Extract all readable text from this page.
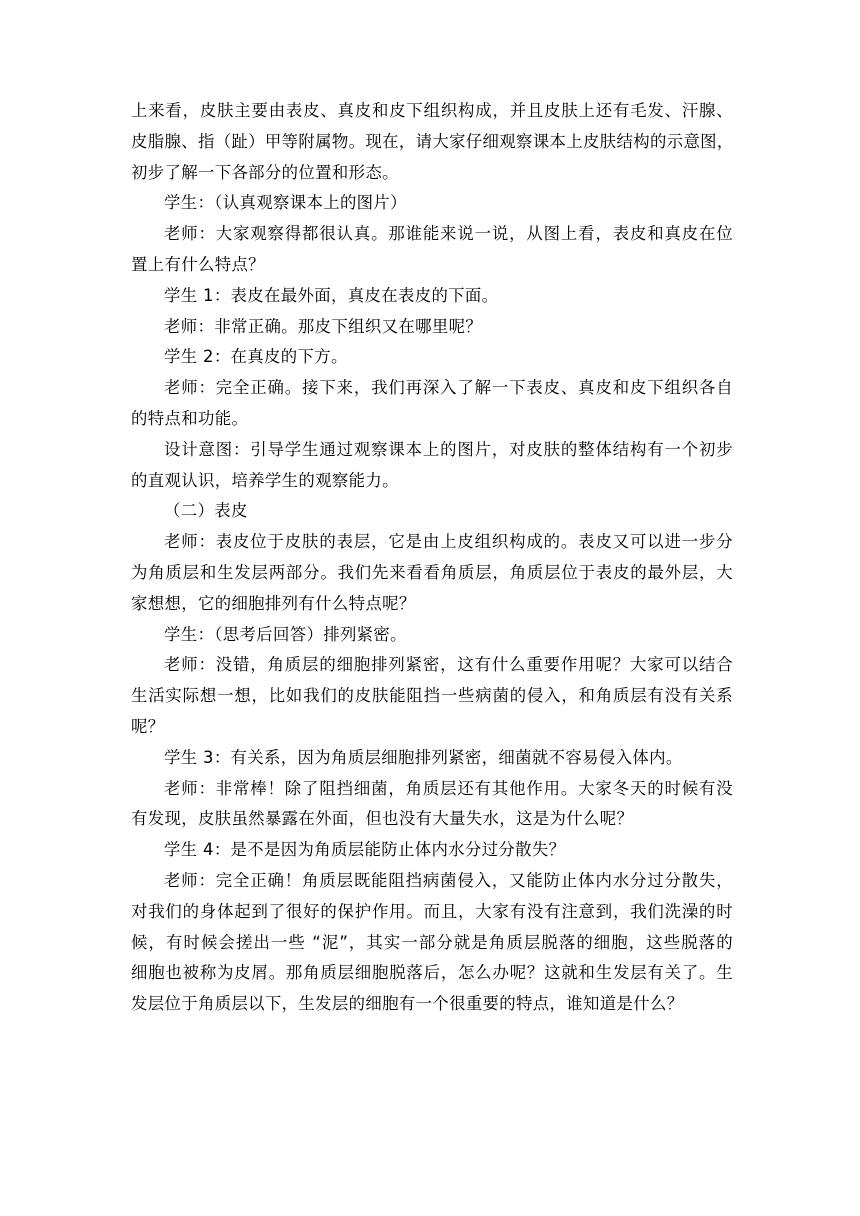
上来看，皮肤主要由表皮、真皮和皮下组织构成，并且皮肤上还有毛发、汗腺、
皮脂腺、指（趾）甲等附属物。现在，请大家仔细观察课本上皮肤结构的示意图，
初步了解一下各部分的位置和形态。
学生：（认真观察课本上的图片）
老师：大家观察得都很认真。那谁能来说一说，从图上看，表皮和真皮在位
置上有什么特点？
学生 1：表皮在最外面，真皮在表皮的下面。
老师：非常正确。那皮下组织又在哪里呢？
学生 2：在真皮的下方。
老师：完全正确。接下来，我们再深入了解一下表皮、真皮和皮下组织各自
的特点和功能。
设计意图：引导学生通过观察课本上的图片，对皮肤的整体结构有一个初步
的直观认识，培养学生的观察能力。
（二）表皮
老师：表皮位于皮肤的表层，它是由上皮组织构成的。表皮又可以进一步分
为角质层和生发层两部分。我们先来看看角质层，角质层位于表皮的最外层，大
家想想，它的细胞排列有什么特点呢？
学生：（思考后回答）排列紧密。
老师：没错，角质层的细胞排列紧密，这有什么重要作用呢？大家可以结合
生活实际想一想，比如我们的皮肤能阻挡一些病菌的侵入，和角质层有没有关系
呢？
学生 3：有关系，因为角质层细胞排列紧密，细菌就不容易侵入体内。
老师：非常棒！除了阻挡细菌，角质层还有其他作用。大家冬天的时候有没
有发现，皮肤虽然暴露在外面，但也没有大量失水，这是为什么呢？
学生 4：是不是因为角质层能防止体内水分过分散失？
老师：完全正确！角质层既能阻挡病菌侵入，又能防止体内水分过分散失，
对我们的身体起到了很好的保护作用。而且，大家有没有注意到，我们洗澡的时
候，有时候会搓出一些 “泥”，其实一部分就是角质层脱落的细胞，这些脱落的
细胞也被称为皮屑。那角质层细胞脱落后，怎么办呢？这就和生发层有关了。生
发层位于角质层以下，生发层的细胞有一个很重要的特点，谁知道是什么？
